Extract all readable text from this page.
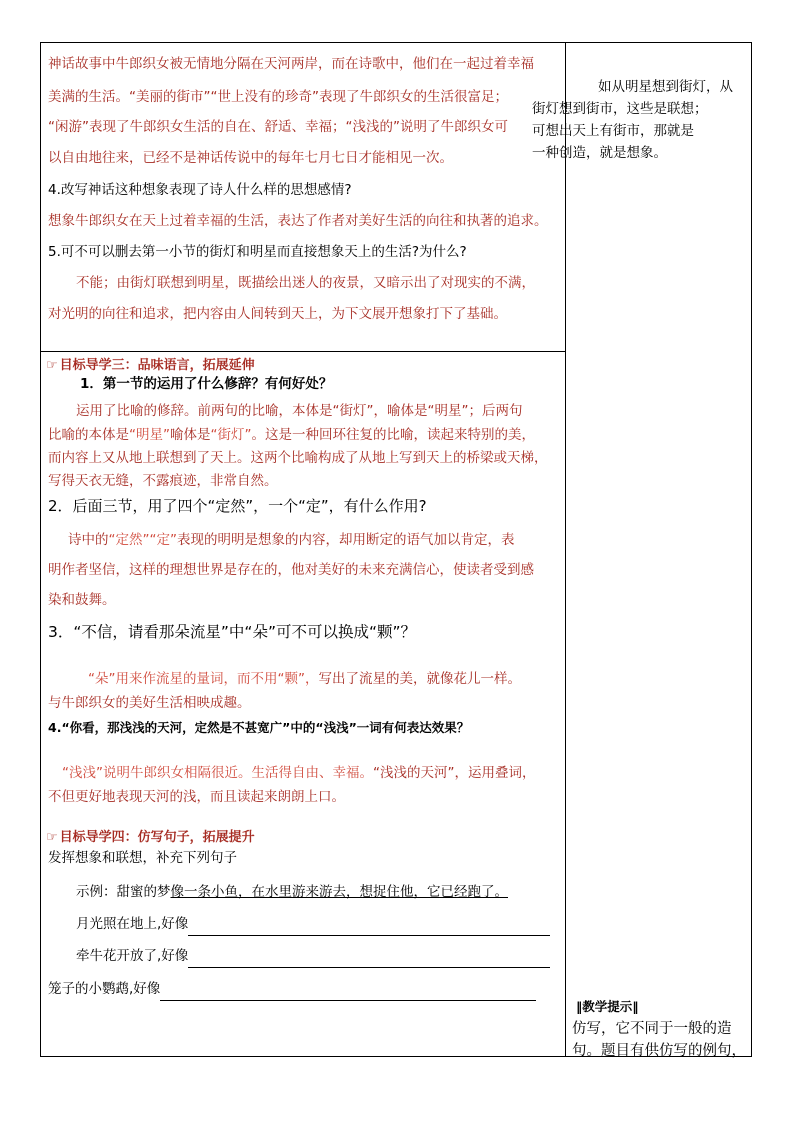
神话故事中牛郎织女被无情地分隔在天河两岸，而在诗歌中，他们在一起过着幸福
美满的生活。“美丽的街市”“世上没有的珍奇”表现了牛郎织女的生活很富足；
“闲游”表现了牛郎织女生活的自在、舒适、幸福；“浅浅的”说明了牛郎织女可
以自由地往来，已经不是神话传说中的每年七月七日才能相见一次。
4.改写神话这种想象表现了诗人什么样的思想感情?
想象牛郎织女在天上过着幸福的生活，表达了作者对美好生活的向往和执著的追求。
5.可不可以删去第一小节的街灯和明星而直接想象天上的生活?为什么?
不能；由街灯联想到明星，既描绘出迷人的夜景，又暗示出了对现实的不满，
对光明的向往和追求，把内容由人间转到天上，为下文展开想象打下了基础。
如从明星想到街灯，从
街灯想到街市，这些是联想；
可想出天上有街市，那就是
一种创造，就是想象。
☞ 目标导学三：品味语言，拓展延伸
1．第一节的运用了什么修辞？有何好处？
运用了比喻的修辞。前两句的比喻，本体是“街灯”，喻体是“明星”；后两句
比喻的本体是“明星”喻体是“街灯”。这是一种回环往复的比喻，读起来特别的美，
而内容上又从地上联想到了天上。这两个比喻构成了从地上写到天上的桥梁或天梯，
写得天衣无缝，不露痕迹，非常自然。
2．后面三节，用了四个“定然”，一个“定”，有什么作用?
诗中的“定然”“定”表现的明明是想象的内容，却用断定的语气加以肯定，表
明作者坚信，这样的理想世界是存在的，他对美好的未来充满信心，使读者受到感
染和鼓舞。
3．“不信，请看那朵流星”中“朵”可不可以换成“颗”？
“朵”用来作流星的量词，而不用“颗”，写出了流星的美，就像花儿一样。
与牛郎织女的美好生活相映成趣。
4.“你看，那浅浅的天河，定然是不甚宽广”中的“浅浅”一词有何表达效果？
“浅浅”说明牛郎织女相隔很近。生活得自由、幸福。“浅浅的天河”，运用叠词，
不但更好地表现天河的浅，而且读起来朗朗上口。
☞ 目标导学四：仿写句子，拓展提升
发挥想象和联想，补充下列句子
示例：甜蜜的梦像一条小鱼，在水里游来游去，想捉住他，它已经跑了。
月光照在地上,好像
牵牛花开放了,好像
笼子的小鹦鹉,好像
‖教学提示‖
仿写，它不同于一般的造
句。题目有供仿写的例句，
